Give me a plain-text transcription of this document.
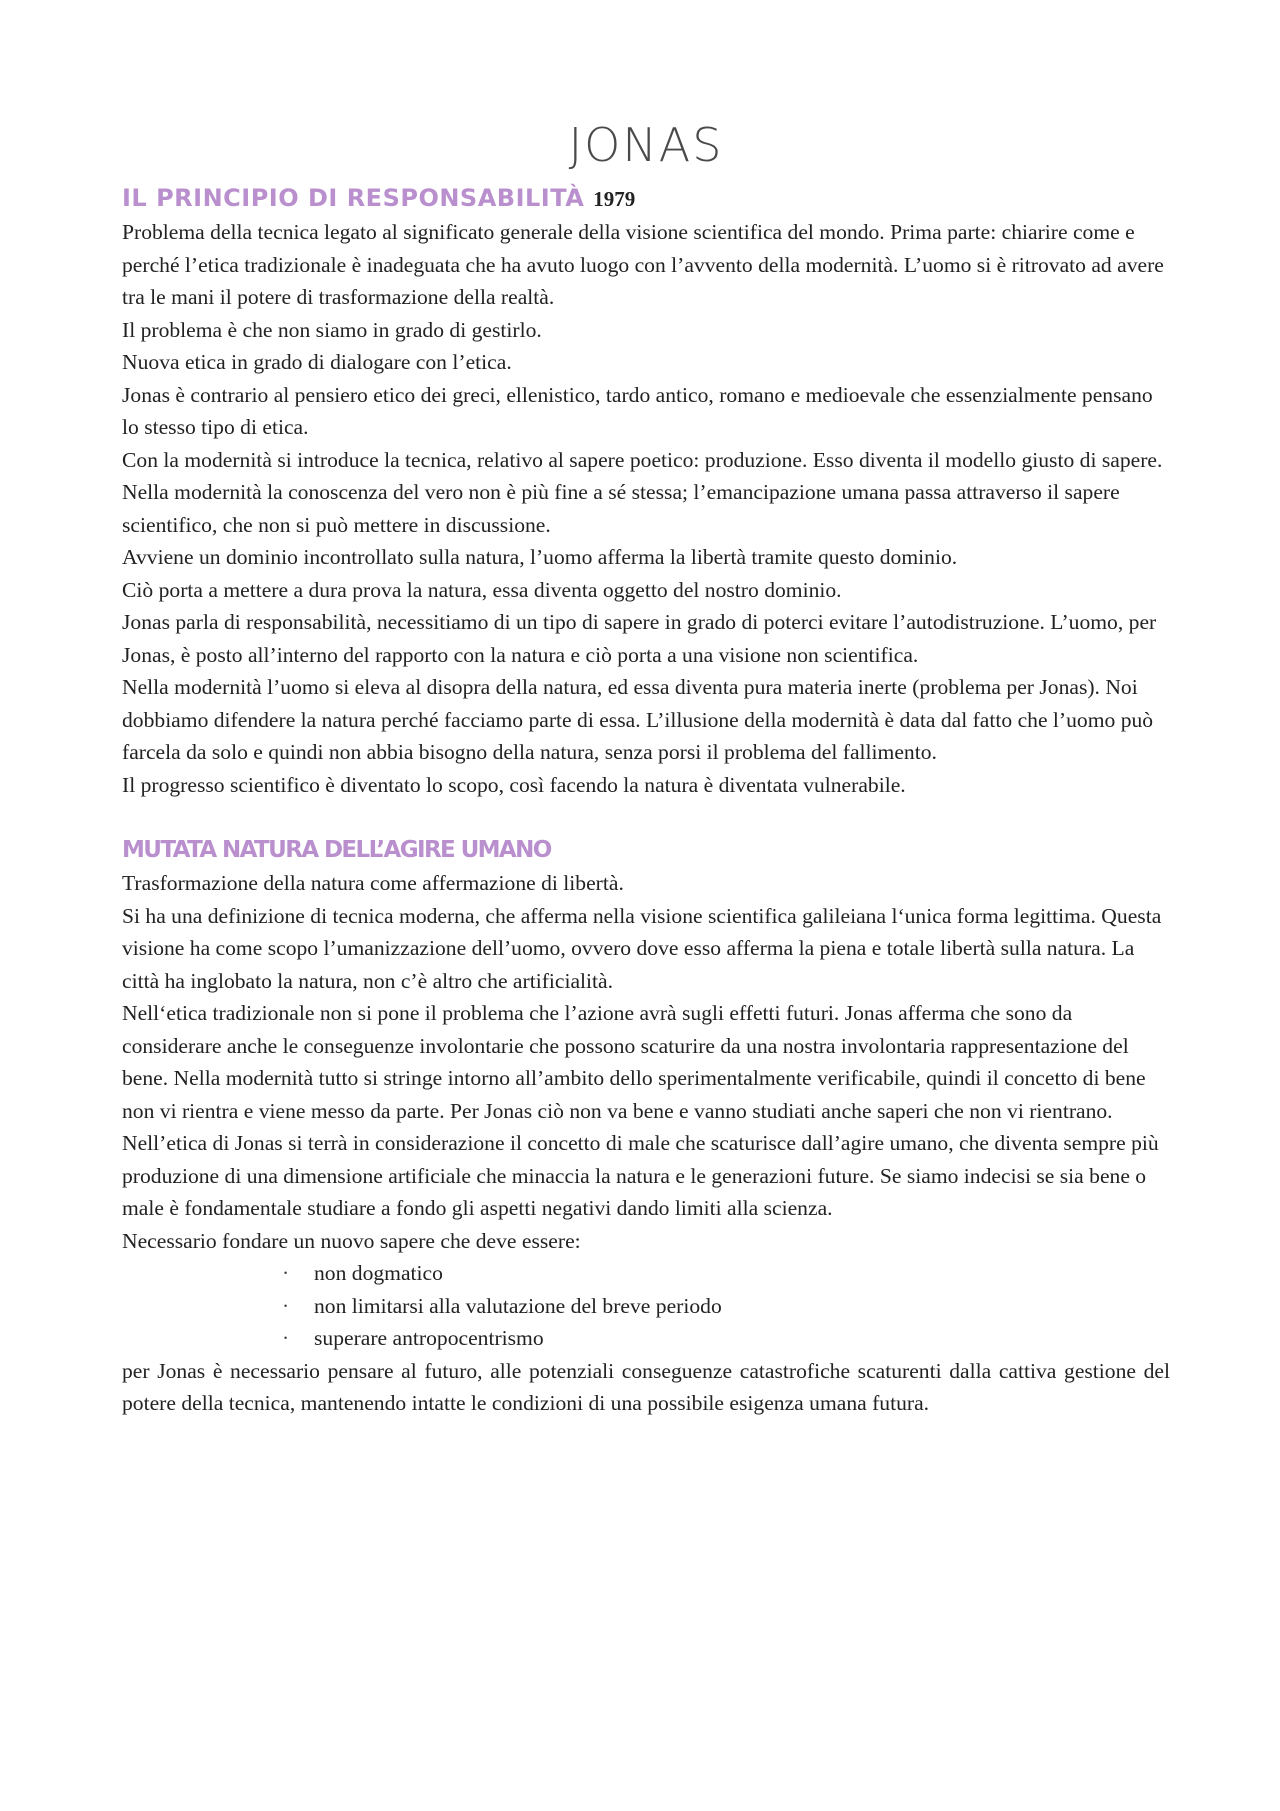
JONAS
IL PRINCIPIO DI RESPONSABILITÀ 1979

Problema della tecnica legato al significato generale della visione scientifica del mondo. Prima parte: chiarire come e perché l’etica tradizionale è inadeguata che ha avuto luogo con l’avvento della modernità. L’uomo si è ritrovato ad avere tra le mani il potere di trasformazione della realtà.

Il problema è che non siamo in grado di gestirlo.

Nuova etica in grado di dialogare con l’etica.

Jonas è contrario al pensiero etico dei greci, ellenistico, tardo antico, romano e medioevale che essenzialmente pensano lo stesso tipo di etica.

Con la modernità si introduce la tecnica, relativo al sapere poetico: produzione. Esso diventa il modello giusto di sapere. Nella modernità la conoscenza del vero non è più fine a sé stessa; l’emancipazione umana passa attraverso il sapere scientifico, che non si può mettere in discussione.

Avviene un dominio incontrollato sulla natura, l’uomo afferma la libertà tramite questo dominio.

Ciò porta a mettere a dura prova la natura, essa diventa oggetto del nostro dominio.

Jonas parla di responsabilità, necessitiamo di un tipo di sapere in grado di poterci evitare l’autodistruzione. L’uomo, per Jonas, è posto all’interno del rapporto con la natura e ciò porta a una visione non scientifica.

Nella modernità l’uomo si eleva al disopra della natura, ed essa diventa pura materia inerte (problema per Jonas). Noi dobbiamo difendere la natura perché facciamo parte di essa. L’illusione della modernità è data dal fatto che l’uomo può farcela da solo e quindi non abbia bisogno della natura, senza porsi il problema del fallimento.

Il progresso scientifico è diventato lo scopo, così facendo la natura è diventata vulnerabile.

MUTATA NATURA DELL’AGIRE UMANO

Trasformazione della natura come affermazione di libertà.

Si ha una definizione di tecnica moderna, che afferma nella visione scientifica galileiana l‘unica forma legittima. Questa visione ha come scopo l’umanizzazione dell’uomo, ovvero dove esso afferma la piena e totale libertà sulla natura. La città ha inglobato la natura, non c’è altro che artificialità.

Nell‘etica tradizionale non si pone il problema che l’azione avrà sugli effetti futuri. Jonas afferma che sono da considerare anche le conseguenze involontarie che possono scaturire da una nostra involontaria rappresentazione del bene. Nella modernità tutto si stringe intorno all’ambito dello sperimentalmente verificabile, quindi il concetto di bene non vi rientra e viene messo da parte. Per Jonas ciò non va bene e vanno studiati anche saperi che non vi rientrano.

Nell’etica di Jonas si terrà in considerazione il concetto di male che scaturisce dall’agire umano, che diventa sempre più produzione di una dimensione artificiale che minaccia la natura e le generazioni future. Se siamo indecisi se sia bene o male è fondamentale studiare a fondo gli aspetti negativi dando limiti alla scienza.

Necessario fondare un nuovo sapere che deve essere:

·	non dogmatico
·	non limitarsi alla valutazione del breve periodo
·	superare antropocentrismo

per Jonas è necessario pensare al futuro, alle potenziali conseguenze catastrofiche scaturenti dalla cattiva gestione del potere della tecnica, mantenendo intatte le condizioni di una possibile esigenza umana futura.
